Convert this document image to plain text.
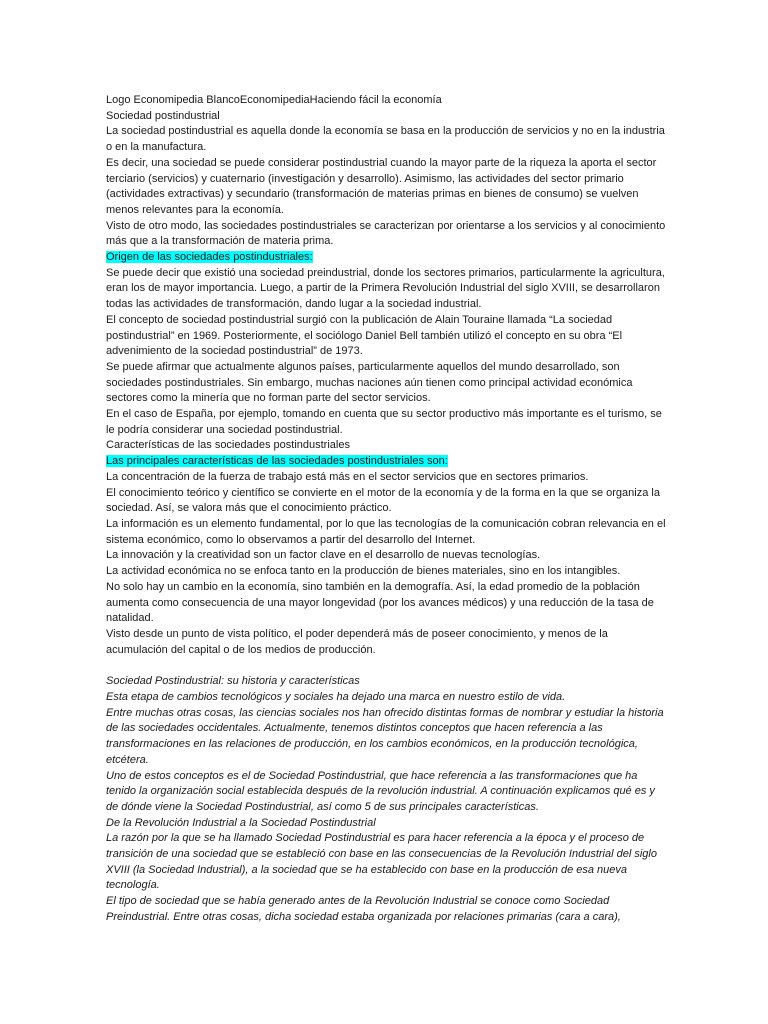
Logo Economipedia BlancoEconomipediaHaciendo fácil la economía

Sociedad postindustrial

La sociedad postindustrial es aquella donde la economía se basa en la producción de servicios y no en la industria o en la manufactura.

Es decir, una sociedad se puede considerar postindustrial cuando la mayor parte de la riqueza la aporta el sector terciario (servicios) y cuaternario (investigación y desarrollo). Asimismo, las actividades del sector primario (actividades extractivas) y secundario (transformación de materias primas en bienes de consumo) se vuelven menos relevantes para la economía.

Visto de otro modo, las sociedades postindustriales se caracterizan por orientarse a los servicios y al conocimiento más que a la transformación de materia prima.

Origen de las sociedades postindustriales:

Se puede decir que existió una sociedad preindustrial, donde los sectores primarios, particularmente la agricultura, eran los de mayor importancia. Luego, a partir de la Primera Revolución Industrial del siglo XVIII, se desarrollaron todas las actividades de transformación, dando lugar a la sociedad industrial.

El concepto de sociedad postindustrial surgió con la publicación de Alain Touraine llamada “La sociedad postindustrial” en 1969. Posteriormente, el sociólogo Daniel Bell también utilizó el concepto en su obra “El advenimiento de la sociedad postindustrial” de 1973.

Se puede afirmar que actualmente algunos países, particularmente aquellos del mundo desarrollado, son sociedades postindustriales. Sin embargo, muchas naciones aún tienen como principal actividad económica sectores como la minería que no forman parte del sector servicios.

En el caso de España, por ejemplo, tomando en cuenta que su sector productivo más importante es el turismo, se le podría considerar una sociedad postindustrial.

Características de las sociedades postindustriales

Las principales características de las sociedades postindustriales son:

La concentración de la fuerza de trabajo está más en el sector servicios que en sectores primarios.

El conocimiento teórico y científico se convierte en el motor de la economía y de la forma en la que se organiza la sociedad. Así, se valora más que el conocimiento práctico.

La información es un elemento fundamental, por lo que las tecnologías de la comunicación cobran relevancia en el sistema económico, como lo observamos a partir del desarrollo del Internet.

La innovación y la creatividad son un factor clave en el desarrollo de nuevas tecnologías.

La actividad económica no se enfoca tanto en la producción de bienes materiales, sino en los intangibles.

No solo hay un cambio en la economía, sino también en la demografía. Así, la edad promedio de la población aumenta como consecuencia de una mayor longevidad (por los avances médicos) y una reducción de la tasa de natalidad.

Visto desde un punto de vista político, el poder dependerá más de poseer conocimiento, y menos de la acumulación del capital o de los medios de producción.

Sociedad Postindustrial: su historia y características

Esta etapa de cambios tecnológicos y sociales ha dejado una marca en nuestro estilo de vida.

Entre muchas otras cosas, las ciencias sociales nos han ofrecido distintas formas de nombrar y estudiar la historia de las sociedades occidentales. Actualmente, tenemos distintos conceptos que hacen referencia a las transformaciones en las relaciones de producción, en los cambios económicos, en la producción tecnológica, etcétera.

Uno de estos conceptos es el de Sociedad Postindustrial, que hace referencia a las transformaciones que ha tenido la organización social establecida después de la revolución industrial. A continuación explicamos qué es y de dónde viene la Sociedad Postindustrial, así como 5 de sus principales características.

De la Revolución Industrial a la Sociedad Postindustrial

La razón por la que se ha llamado Sociedad Postindustrial es para hacer referencia a la época y el proceso de transición de una sociedad que se estableció con base en las consecuencias de la Revolución Industrial del siglo XVIII (la Sociedad Industrial), a la sociedad que se ha establecido con base en la producción de esa nueva tecnología.

El tipo de sociedad que se había generado antes de la Revolución Industrial se conoce como Sociedad Preindustrial. Entre otras cosas, dicha sociedad estaba organizada por relaciones primarias (cara a cara),
